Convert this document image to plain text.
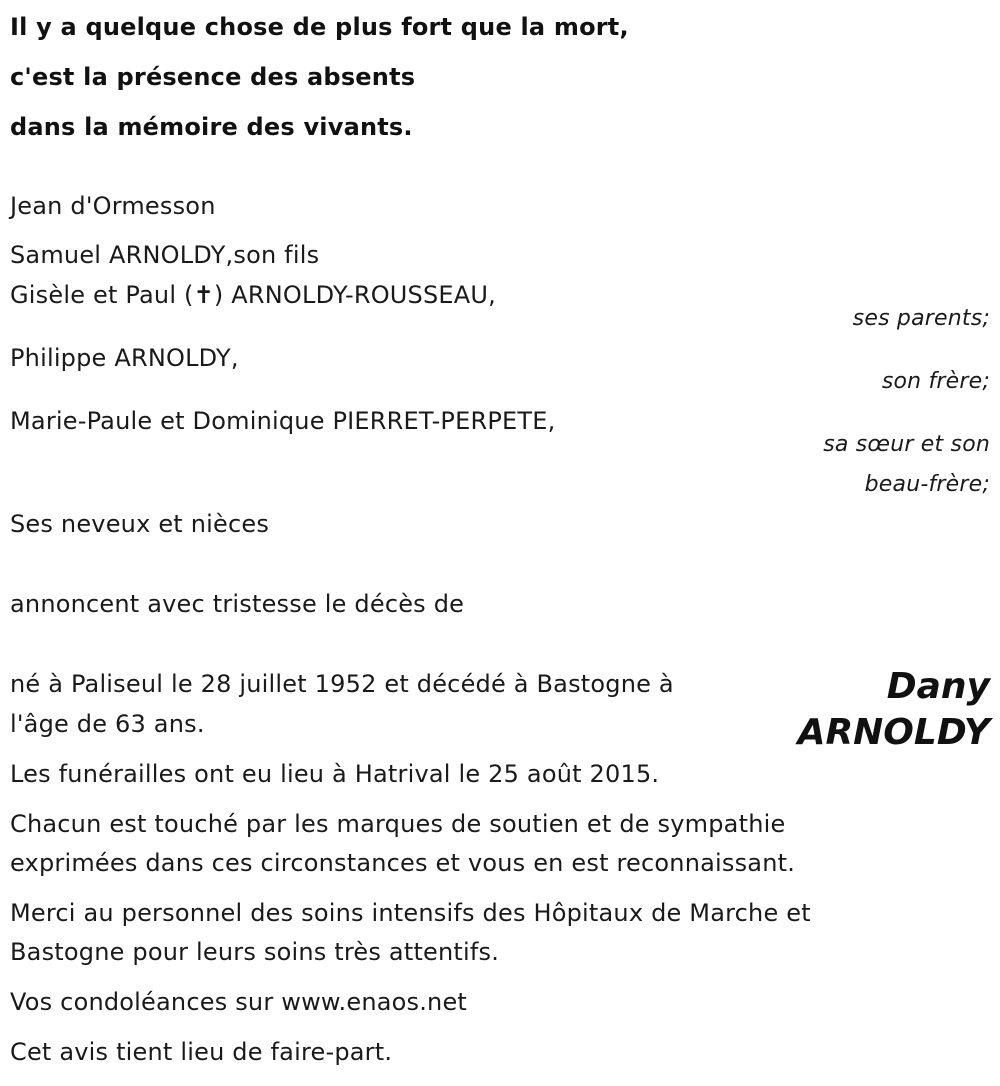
Il y a quelque chose de plus fort que la mort,
c'est la présence des absents
dans la mémoire des vivants.
Jean d'Ormesson
Samuel ARNOLDY,son fils
Gisèle et Paul (✝) ARNOLDY-ROUSSEAU,
ses parents;
Philippe ARNOLDY,
son frère;
Marie-Paule et Dominique PIERRET-PERPETE,
sa sœur et son
beau-frère;
Ses neveux et nièces
annoncent avec tristesse le décès de
né à Paliseul le 28 juillet 1952 et décédé à Bastogne à
l'âge de 63 ans.
Dany
ARNOLDY
Les funérailles ont eu lieu à Hatrival le 25 août 2015.
Chacun est touché par les marques de soutien et de sympathie
exprimées dans ces circonstances et vous en est reconnaissant.
Merci au personnel des soins intensifs des Hôpitaux de Marche et
Bastogne pour leurs soins très attentifs.
Vos condoléances sur www.enaos.net
Cet avis tient lieu de faire-part.
